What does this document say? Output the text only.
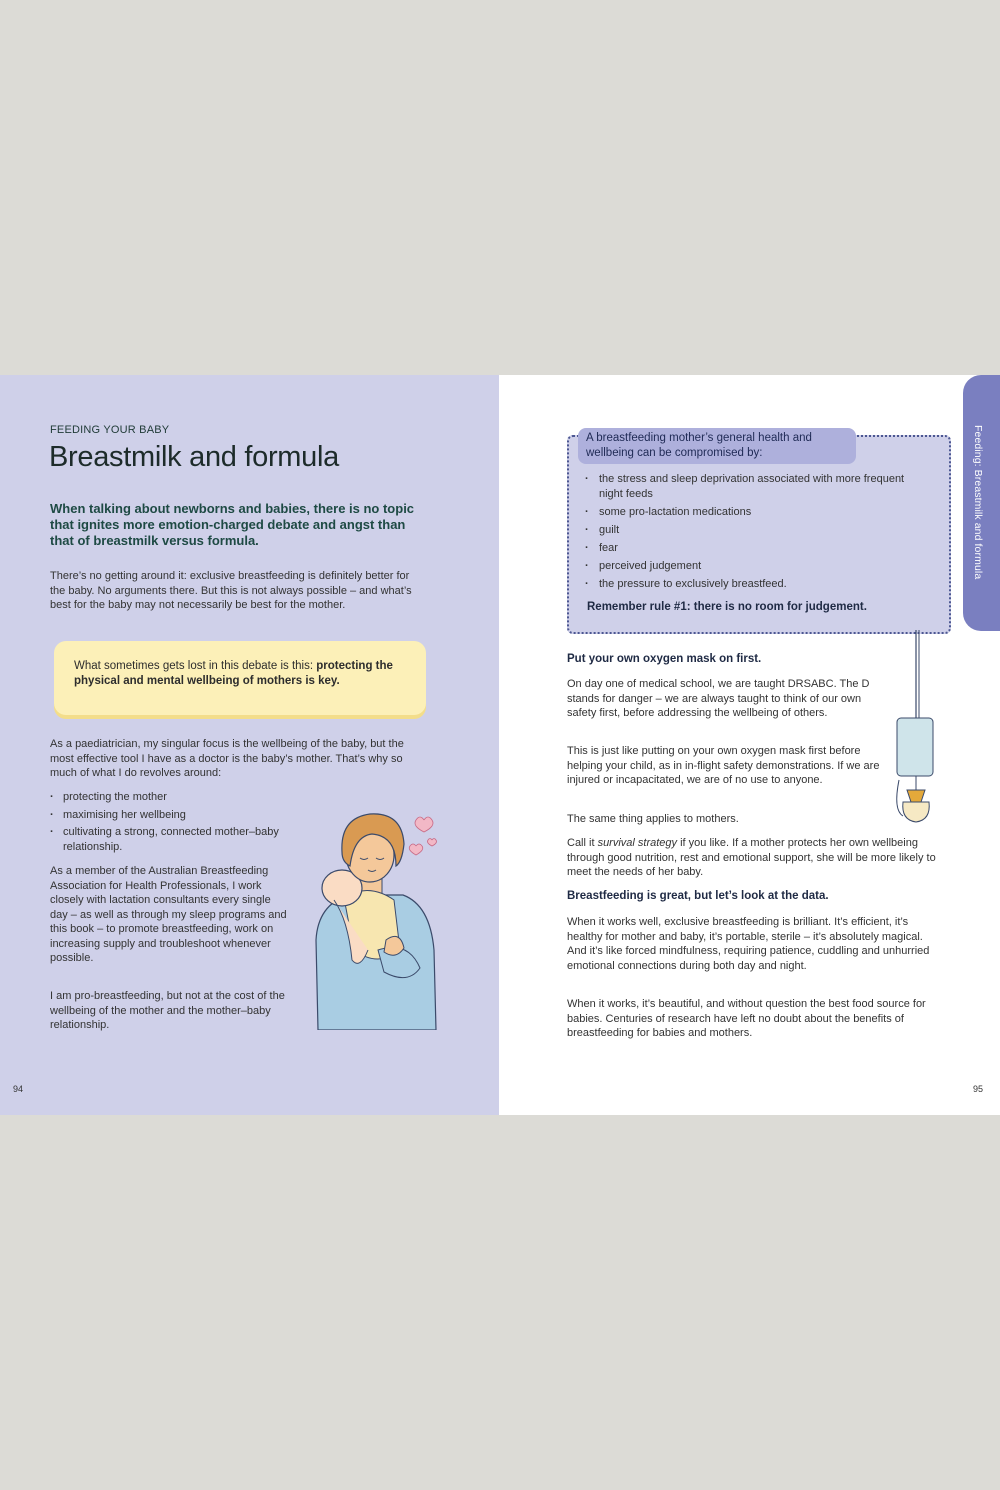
FEEDING YOUR BABY
Breastmilk and formula

When talking about newborns and babies, there is no topic that ignites more emotion-charged debate and angst than that of breastmilk versus formula.

There’s no getting around it: exclusive breastfeeding is definitely better for the baby. No arguments there. But this is not always possible – and what’s best for the baby may not necessarily be best for the mother.

What sometimes gets lost in this debate is this: protecting the physical and mental wellbeing of mothers is key.

As a paediatrician, my singular focus is the wellbeing of the baby, but the most effective tool I have as a doctor is the baby’s mother. That’s why so much of what I do revolves around:

· protecting the mother
· maximising her wellbeing
· cultivating a strong, connected mother–baby relationship.

As a member of the Australian Breastfeeding Association for Health Professionals, I work closely with lactation consultants every single day – as well as through my sleep programs and this book – to promote breastfeeding, work on increasing supply and troubleshoot whenever possible.

I am pro-breastfeeding, but not at the cost of the wellbeing of the mother and the mother–baby relationship.

94
Feeding: Breastmilk and formula
A breastfeeding mother’s general health and wellbeing can be compromised by:
· the stress and sleep deprivation associated with more frequent night feeds
· some pro-lactation medications
· guilt
· fear
· perceived judgement
· the pressure to exclusively breastfeed.
Remember rule #1: there is no room for judgement.

Put your own oxygen mask on first.

On day one of medical school, we are taught DRSABC. The D stands for danger – we are always taught to think of our own safety first, before addressing the wellbeing of others.

This is just like putting on your own oxygen mask first before helping your child, as in in-flight safety demonstrations. If we are injured or incapacitated, we are of no use to anyone.

The same thing applies to mothers.

Call it survival strategy if you like. If a mother protects her own wellbeing through good nutrition, rest and emotional support, she will be more likely to meet the needs of her baby.

Breastfeeding is great, but let’s look at the data.

When it works well, exclusive breastfeeding is brilliant. It’s efficient, it’s healthy for mother and baby, it’s portable, sterile – it’s absolutely magical. And it’s like forced mindfulness, requiring patience, cuddling and unhurried emotional connections during both day and night.

When it works, it’s beautiful, and without question the best food source for babies. Centuries of research have left no doubt about the benefits of breastfeeding for babies and mothers.

95
